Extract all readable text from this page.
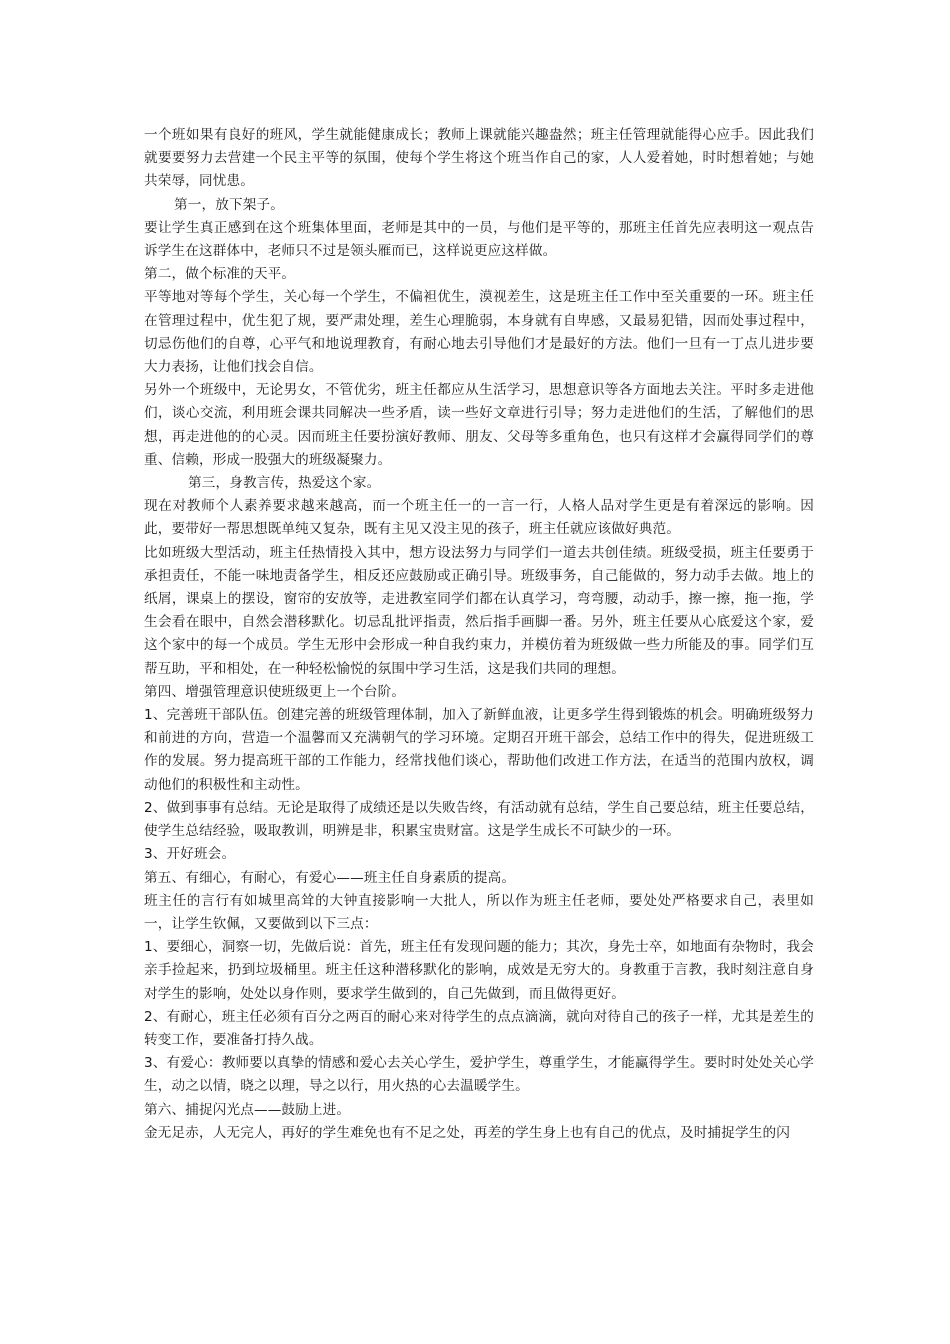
一个班如果有良好的班风，学生就能健康成长；教师上课就能兴趣盎然；班主任管理就能得心应手。因此我们就要要努力去营建一个民主平等的氛围，使每个学生将这个班当作自己的家，人人爱着她，时时想着她；与她共荣辱，同忧患。

第一，放下架子。

要让学生真正感到在这个班集体里面，老师是其中的一员，与他们是平等的，那班主任首先应表明这一观点告诉学生在这群体中，老师只不过是领头雁而已，这样说更应这样做。

第二，做个标准的天平。

平等地对等每个学生，关心每一个学生，不偏袒优生，漠视差生，这是班主任工作中至关重要的一环。班主任在管理过程中，优生犯了规，要严肃处理，差生心理脆弱，本身就有自卑感，又最易犯错，因而处事过程中，切忌伤他们的自尊，心平气和地说理教育，有耐心地去引导他们才是最好的方法。他们一旦有一丁点儿进步要大力表扬，让他们找会自信。

另外一个班级中，无论男女，不管优劣，班主任都应从生活学习，思想意识等各方面地去关注。平时多走进他们，谈心交流，利用班会课共同解决一些矛盾，读一些好文章进行引导；努力走进他们的生活，了解他们的思想，再走进他的的心灵。因而班主任要扮演好教师、朋友、父母等多重角色，也只有这样才会赢得同学们的尊重、信赖，形成一股强大的班级凝聚力。

第三，身教言传，热爱这个家。

现在对教师个人素养要求越来越高，而一个班主任一的一言一行，人格人品对学生更是有着深远的影响。因此，要带好一帮思想既单纯又复杂，既有主见又没主见的孩子，班主任就应该做好典范。

比如班级大型活动，班主任热情投入其中，想方设法努力与同学们一道去共创佳绩。班级受损，班主任要勇于承担责任，不能一味地责备学生，相反还应鼓励或正确引导。班级事务，自己能做的，努力动手去做。地上的纸屑，课桌上的摆设，窗帘的安放等，走进教室同学们都在认真学习，弯弯腰，动动手，擦一擦，拖一拖，学生会看在眼中，自然会潜移默化。切忌乱批评指责，然后指手画脚一番。另外，班主任要从心底爱这个家，爱这个家中的每一个成员。学生无形中会形成一种自我约束力，并模仿着为班级做一些力所能及的事。同学们互帮互助，平和相处，在一种轻松愉悦的氛围中学习生活，这是我们共同的理想。

第四、增强管理意识使班级更上一个台阶。

1、完善班干部队伍。创建完善的班级管理体制，加入了新鲜血液，让更多学生得到锻炼的机会。明确班级努力和前进的方向，营造一个温馨而又充满朝气的学习环境。定期召开班干部会，总结工作中的得失，促进班级工作的发展。努力提高班干部的工作能力，经常找他们谈心，帮助他们改进工作方法，在适当的范围内放权，调动他们的积极性和主动性。

2、做到事事有总结。无论是取得了成绩还是以失败告终，有活动就有总结，学生自己要总结，班主任要总结，使学生总结经验，吸取教训，明辨是非，积累宝贵财富。这是学生成长不可缺少的一环。

3、开好班会。

第五、有细心，有耐心，有爱心——班主任自身素质的提高。

班主任的言行有如城里高耸的大钟直接影响一大批人，所以作为班主任老师，要处处严格要求自己，表里如一，让学生钦佩，又要做到以下三点：

1、要细心，洞察一切，先做后说：首先，班主任有发现问题的能力；其次，身先士卒，如地面有杂物时，我会亲手捡起来，扔到垃圾桶里。班主任这种潜移默化的影响，成效是无穷大的。身教重于言教，我时刻注意自身对学生的影响，处处以身作则，要求学生做到的，自己先做到，而且做得更好。

2、有耐心，班主任必须有百分之两百的耐心来对待学生的点点滴滴，就向对待自己的孩子一样，尤其是差生的转变工作，要准备打持久战。

3、有爱心：教师要以真挚的情感和爱心去关心学生，爱护学生，尊重学生，才能赢得学生。要时时处处关心学生，动之以情，晓之以理，导之以行，用火热的心去温暖学生。

第六、捕捉闪光点——鼓励上进。

金无足赤，人无完人，再好的学生难免也有不足之处，再差的学生身上也有自己的优点，及时捕捉学生的闪
